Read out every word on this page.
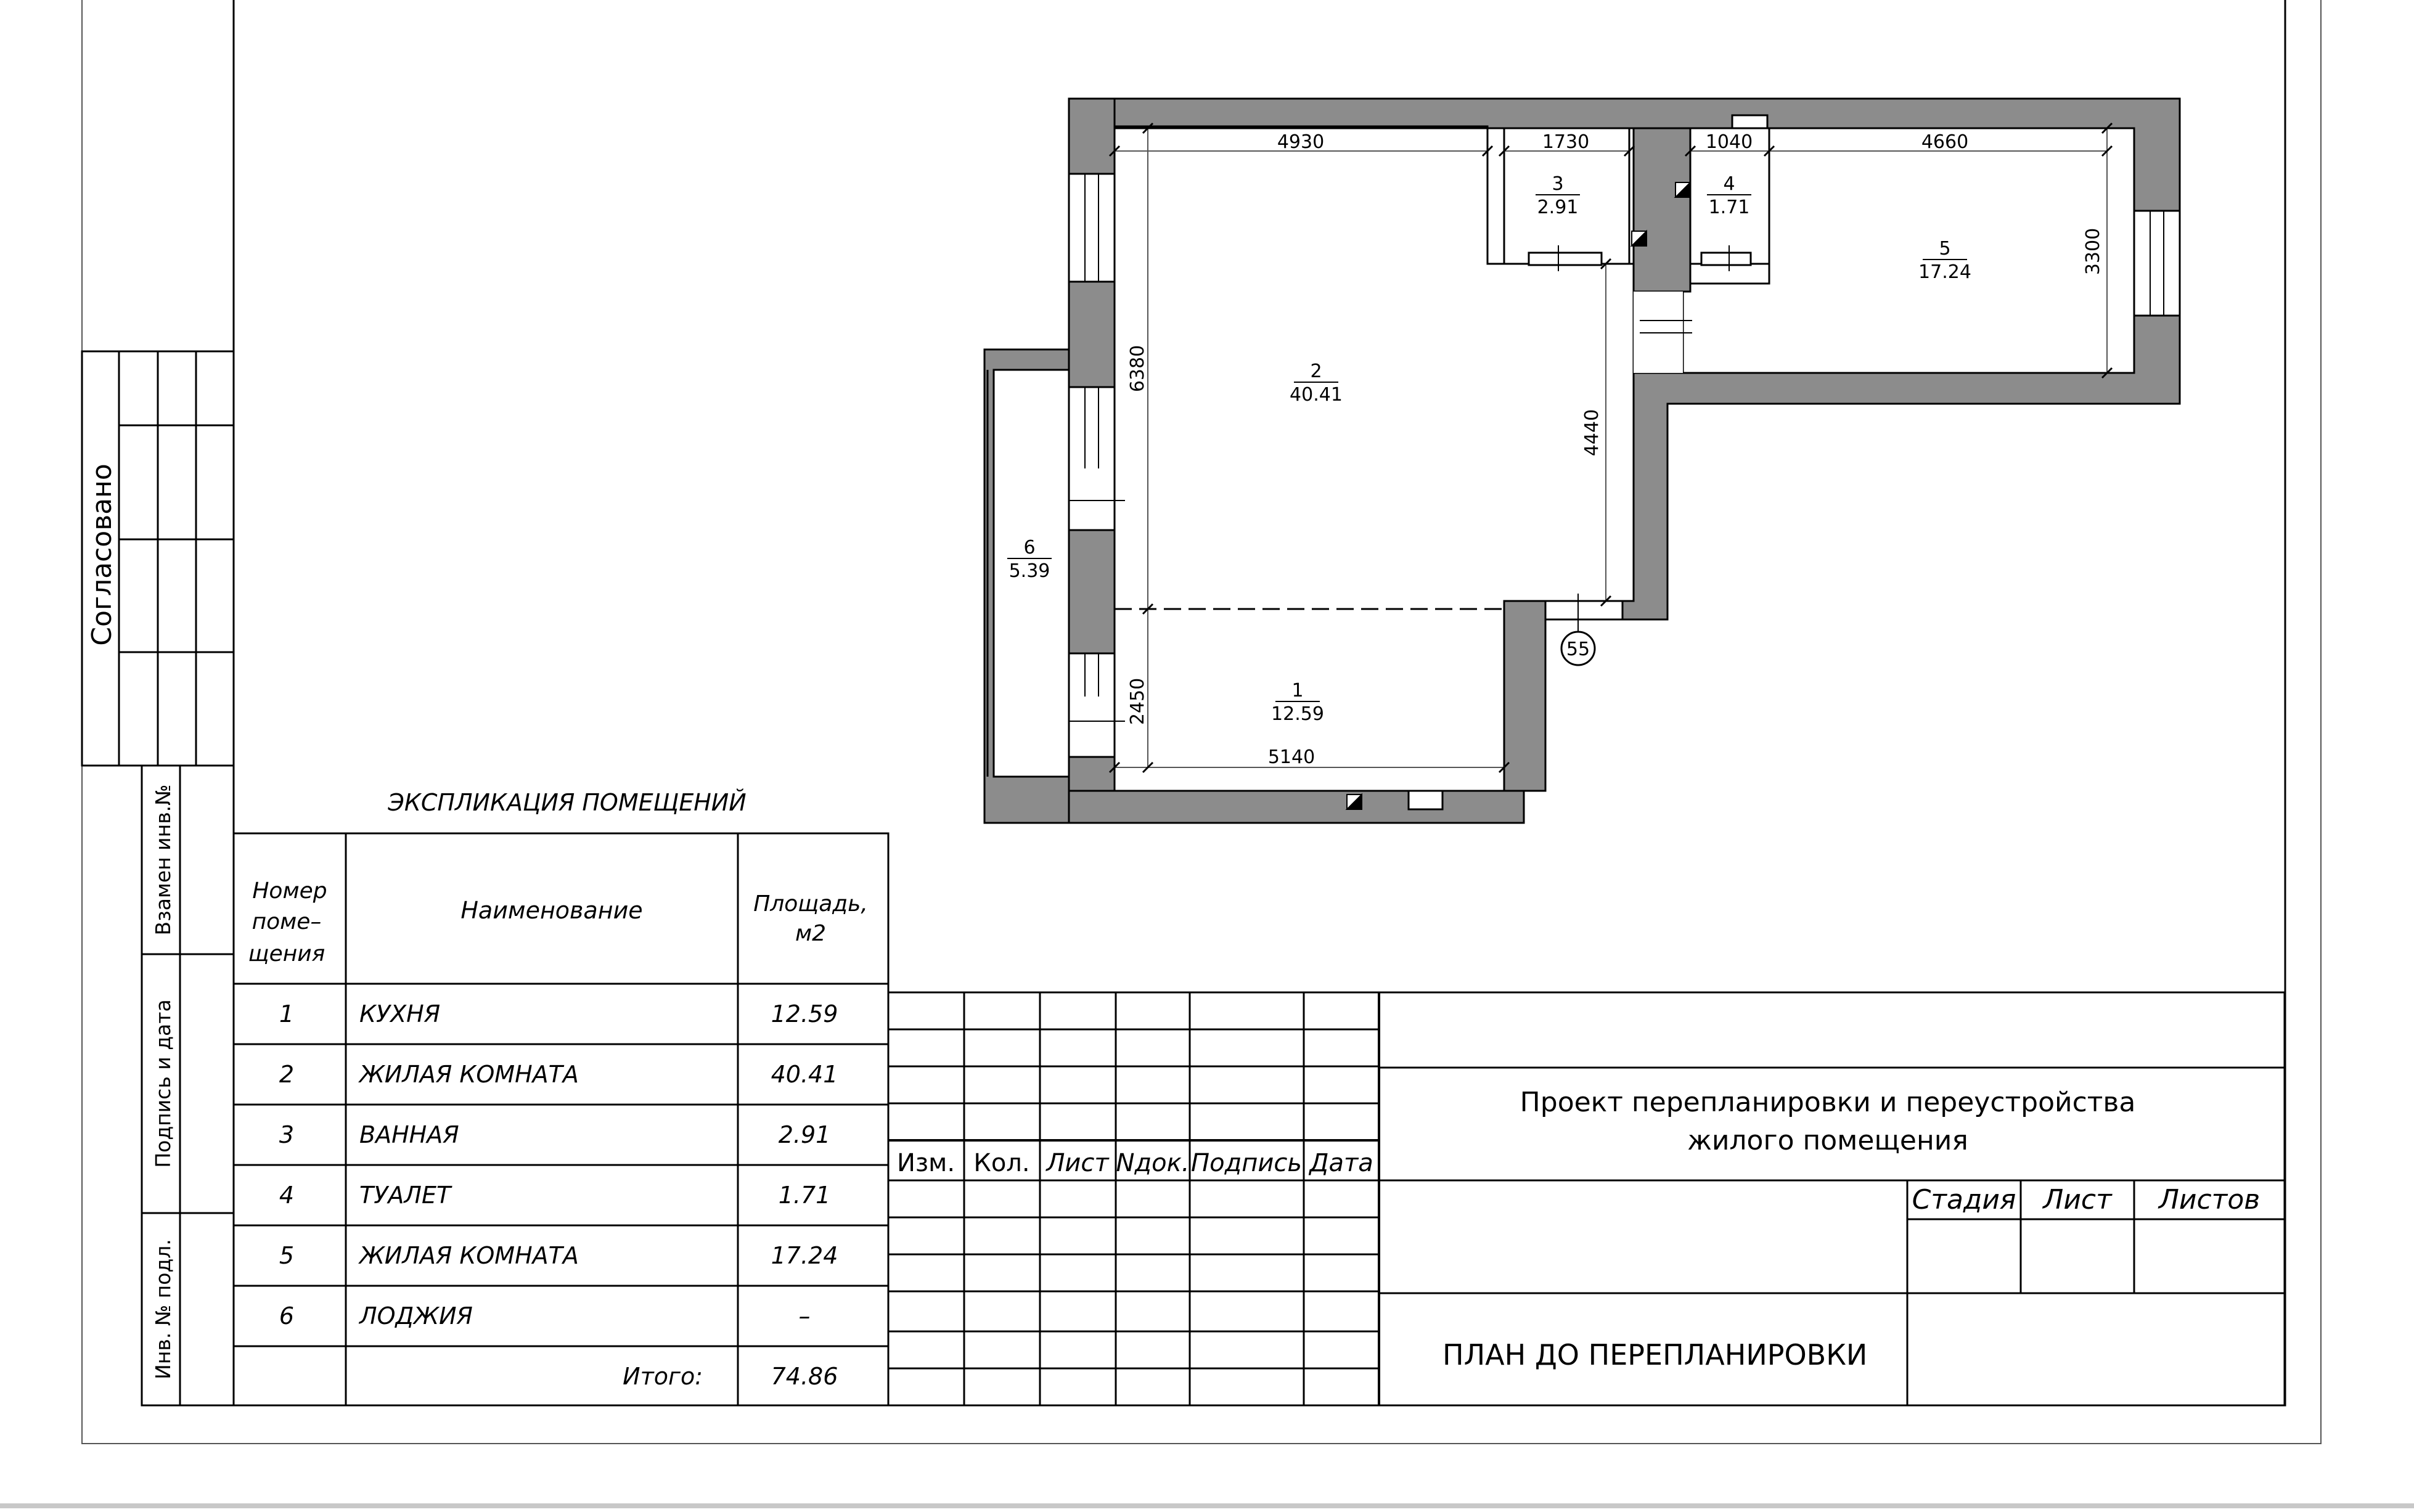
Согласовано
Взамен инв.№
Подпись и дата
Инв. № подл.
ЭКСПЛИКАЦИЯ ПОМЕЩЕНИЙ
Номер
поме–
щения
Наименование	Площадь,
м2
1	КУХНЯ	12.59
2	ЖИЛАЯ КОМНАТА	40.41
3	ВАННАЯ	2.91
4	ТУАЛЕТ	1.71
5	ЖИЛАЯ КОМНАТА	17.24
6	ЛОДЖИЯ	–
Итого:	74.86
Изм. Кол. Лист Nдок. Подпись Дата
Проект перепланировки и переустройства
жилого помещения
Стадия Лист Листов
ПЛАН ДО ПЕРЕПЛАНИРОВКИ
4930	1730	1040	4660
3300
6380
4440
2450
5140
1
12.59
2
40.41
3
2.91
4
1.71
5
17.24
6
5.39
55
